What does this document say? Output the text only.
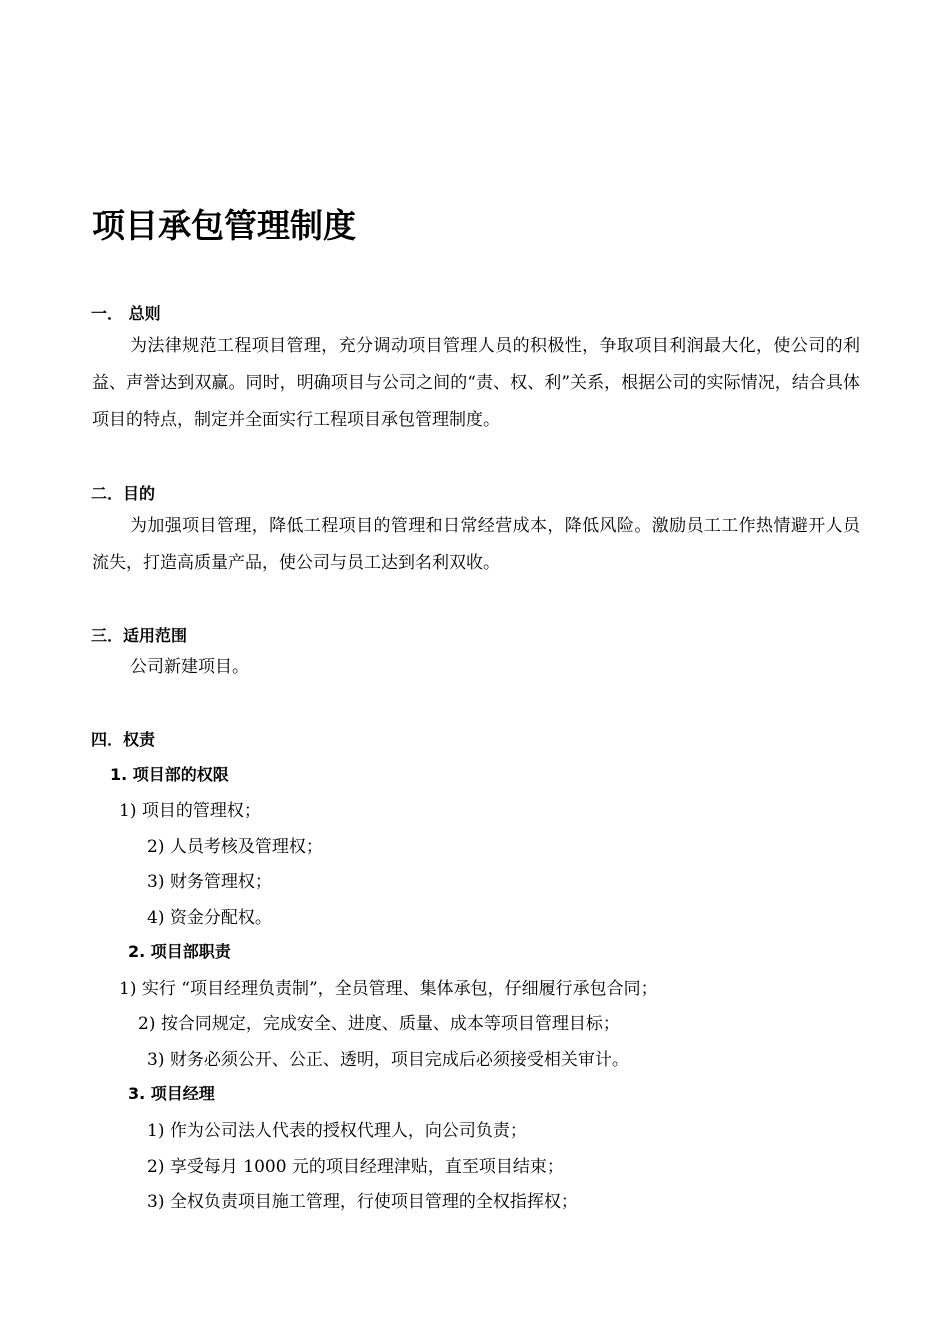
项目承包管理制度
一． 总则

为法律规范工程项目管理，充分调动项目管理人员的积极性，争取项目利润最大化，使公司的利益、声誉达到双赢。同时，明确项目与公司之间的“责、权、利”关系，根据公司的实际情况，结合具体项目的特点，制定并全面实行工程项目承包管理制度。

二．目的

为加强项目管理，降低工程项目的管理和日常经营成本，降低风险。激励员工工作热情避开人员流失，打造高质量产品，使公司与员工达到名利双收。

三．适用范围

公司新建项目。

四．权责
1. 项目部的权限
1) 项目的管理权；
2) 人员考核及管理权；
3) 财务管理权；
4) 资金分配权。
2. 项目部职责
1) 实行 “项目经理负责制”，全员管理、集体承包，仔细履行承包合同；
2) 按合同规定，完成安全、进度、质量、成本等项目管理目标；
3) 财务必须公开、公正、透明，项目完成后必须接受相关审计。
3. 项目经理
1) 作为公司法人代表的授权代理人，向公司负责；
2) 享受每月 1000 元的项目经理津贴，直至项目结束；
3) 全权负责项目施工管理，行使项目管理的全权指挥权；
